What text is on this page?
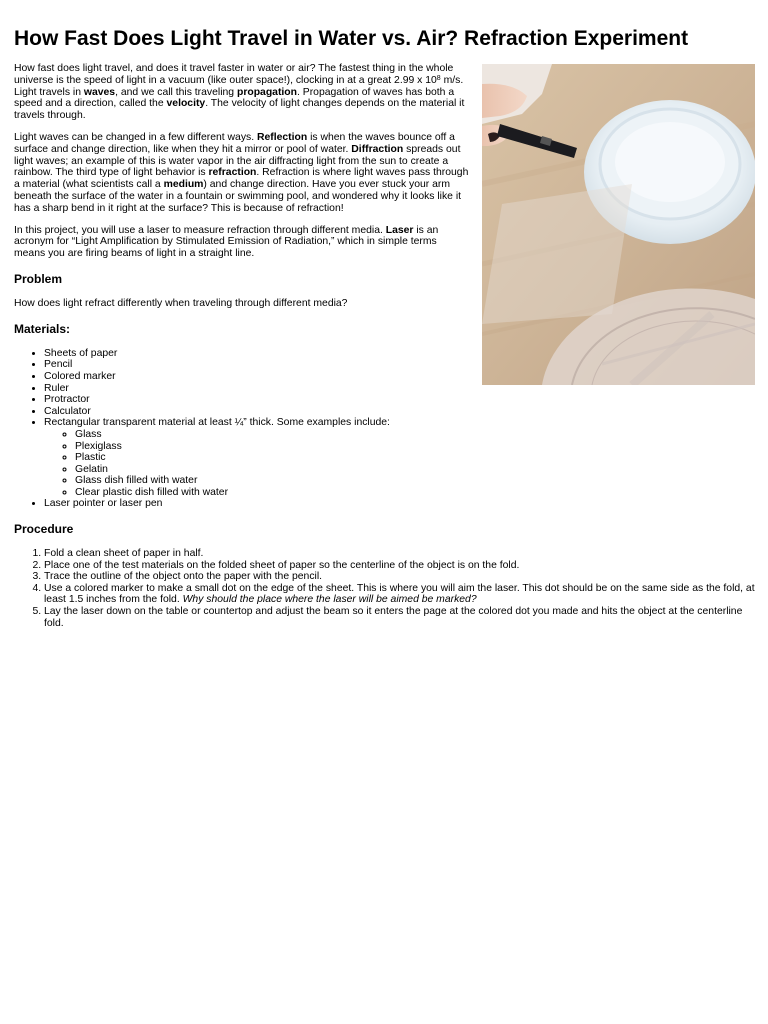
How Fast Does Light Travel in Water vs. Air? Refraction Experiment

How fast does light travel, and does it travel faster in water or air? The fastest thing in the whole universe is the speed of light in a vacuum (like outer space!), clocking in at a great 2.99 x $10^8$ m/s. Light travels in waves, and we call this traveling propagation. Propagation of waves has both a speed and a direction, called the velocity. The velocity of light changes depends on the material it travels through.

Light waves can be changed in a few different ways. Reflection is when the waves bounce off a surface and change direction, like when they hit a mirror or pool of water. Diffraction spreads out light waves; an example of this is water vapor in the air diffracting light from the sun to create a rainbow. The third type of light behavior is refraction. Refraction is where light waves pass through a material (what scientists call a medium) and change direction. Have you ever stuck your arm beneath the surface of the water in a fountain or swimming pool, and wondered why it looks like it has a sharp bend in it right at the surface? This is because of refraction!

In this project, you will use a laser to measure refraction through different media. Laser is an acronym for “Light Amplification by Stimulated Emission of Radiation,” which in simple terms means you are firing beams of light in a straight line.

Problem

How does light refract differently when traveling through different media?

Materials:
• Sheets of paper
• Pencil
• Colored marker
• Ruler
• Protractor
• Calculator
• Rectangular transparent material at least ¼” thick. Some examples include:
◦ Glass
◦ Plexiglass
◦ Plastic
◦ Gelatin
◦ Glass dish filled with water
◦ Clear plastic dish filled with water
• Laser pointer or laser pen
Procedure
1. Fold a clean sheet of paper in half.
2. Place one of the test materials on the folded sheet of paper so the centerline of the object is on the fold.
3. Trace the outline of the object onto the paper with the pencil.
4. Use a colored marker to make a small dot on the edge of the sheet. This is where you will aim the laser. This dot should be on the same side as the fold, at least 1.5 inches from the fold. Why should the place where the laser will be aimed be marked?
5. Lay the laser down on the table or countertop and adjust the beam so it enters the page at the colored dot you made and hits the object at the centerline fold.
